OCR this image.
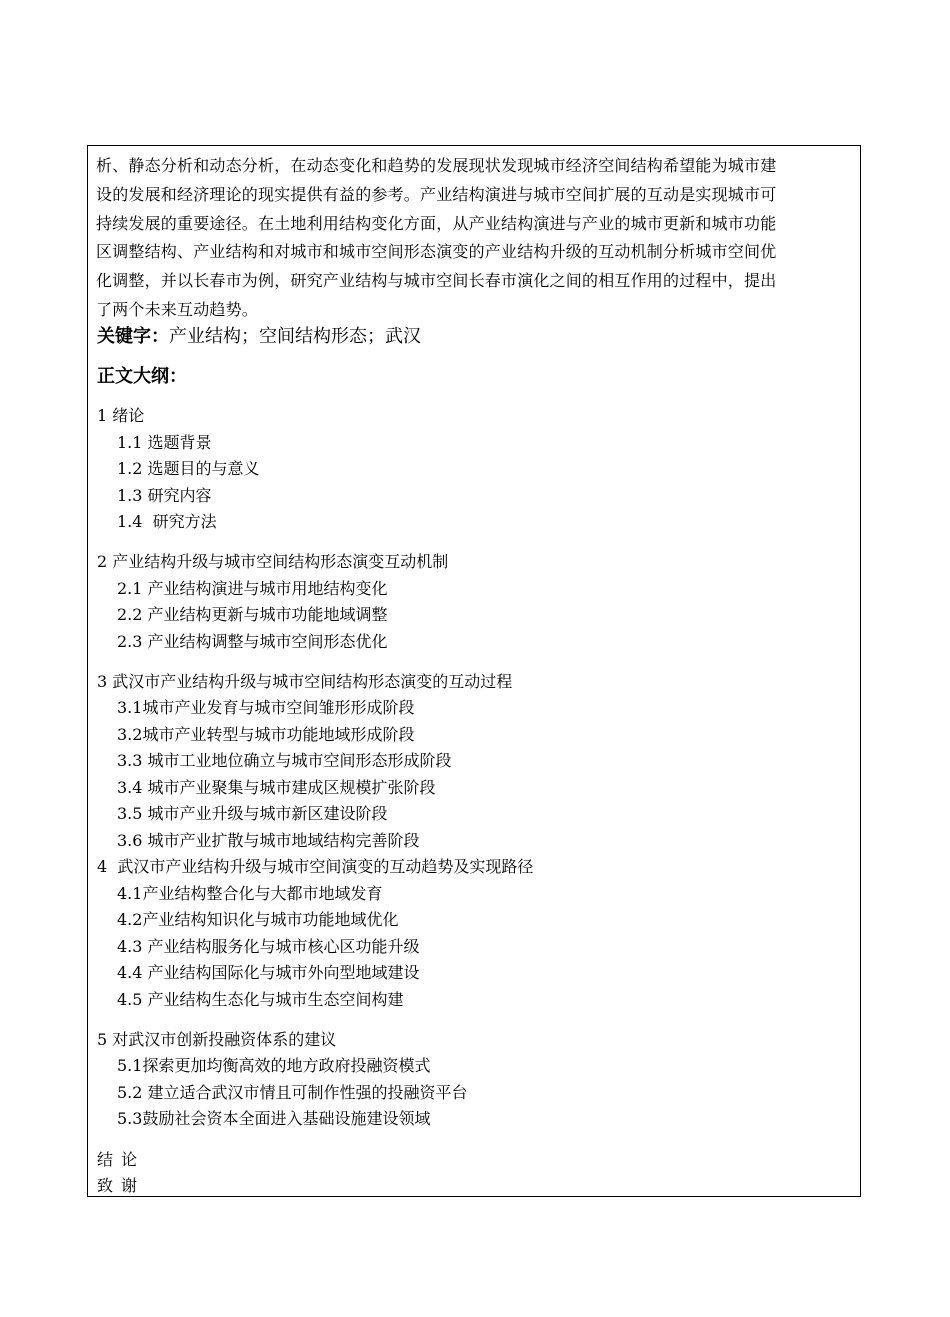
析、静态分析和动态分析，在动态变化和趋势的发展现状发现城市经济空间结构希望能为城市建
设的发展和经济理论的现实提供有益的参考。产业结构演进与城市空间扩展的互动是实现城市可
持续发展的重要途径。在土地利用结构变化方面，从产业结构演进与产业的城市更新和城市功能
区调整结构、产业结构和对城市和城市空间形态演变的产业结构升级的互动机制分析城市空间优
化调整，并以长春市为例，研究产业结构与城市空间长春市演化之间的相互作用的过程中，提出
了两个未来互动趋势。
关键字：产业结构；空间结构形态；武汉
正文大纲：
1 绪论
1.1 选题背景
1.2 选题目的与意义
1.3 研究内容
1.4  研究方法
2 产业结构升级与城市空间结构形态演变互动机制
2.1 产业结构演进与城市用地结构变化
2.2 产业结构更新与城市功能地域调整
2.3 产业结构调整与城市空间形态优化
3 武汉市产业结构升级与城市空间结构形态演变的互动过程
3.1城市产业发育与城市空间雏形形成阶段
3.2城市产业转型与城市功能地域形成阶段
3.3 城市工业地位确立与城市空间形态形成阶段
3.4 城市产业聚集与城市建成区规模扩张阶段
3.5 城市产业升级与城市新区建设阶段
3.6 城市产业扩散与城市地域结构完善阶段
4  武汉市产业结构升级与城市空间演变的互动趋势及实现路径
4.1产业结构整合化与大都市地域发育
4.2产业结构知识化与城市功能地域优化
4.3 产业结构服务化与城市核心区功能升级
4.4 产业结构国际化与城市外向型地域建设
4.5 产业结构生态化与城市生态空间构建
5 对武汉市创新投融资体系的建议
5.1探索更加均衡高效的地方政府投融资模式
5.2 建立适合武汉市情且可制作性强的投融资平台
5.3鼓励社会资本全面进入基础设施建设领域
结论
致谢
